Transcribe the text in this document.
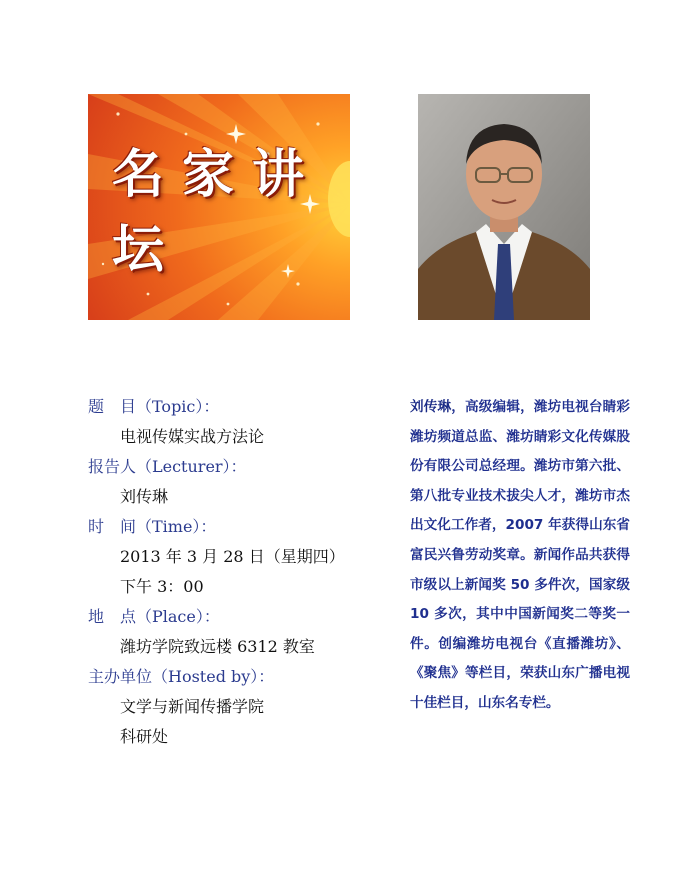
名家讲坛
题　目（Topic）：
电视传媒实战方法论
报告人（Lecturer）：
刘传琳
时　间（Time）：
2013 年 3 月 28 日（星期四）
下午 3：00
地　点（Place）：
潍坊学院致远楼 6312 教室
主办单位（Hosted by）：
文学与新闻传播学院
科研处
刘传琳，高级编辑，潍坊电视台睛彩潍坊频道总监、潍坊睛彩文化传媒股份有限公司总经理。潍坊市第六批、第八批专业技术拔尖人才，潍坊市杰出文化工作者，2007 年获得山东省富民兴鲁劳动奖章。新闻作品共获得市级以上新闻奖 50 多件次，国家级 10 多次，其中中国新闻奖二等奖一件。创编潍坊电视台《直播潍坊》、《聚焦》等栏目，荣获山东广播电视十佳栏目，山东名专栏。
